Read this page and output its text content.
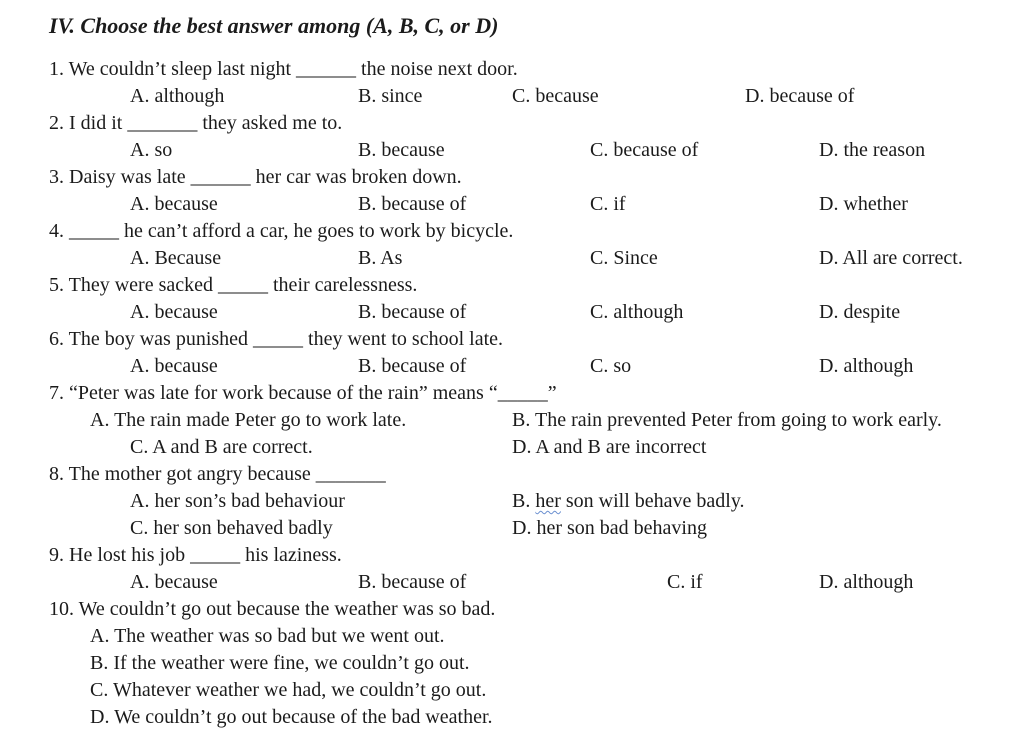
IV. Choose the best answer among (A, B, C, or D)
1. We couldn’t sleep last night ______ the noise next door.
A. although	B. since	C. because	D. because of
2. I did it _______ they asked me to.
A. so	B. because	C. because of	D. the reason
3. Daisy was late ______ her car was broken down.
A. because	B. because of	C. if	D. whether
4. _____ he can’t afford a car, he goes to work by bicycle.
A. Because	B. As	C. Since	D. All are correct.
5. They were sacked _____ their carelessness.
A. because	B. because of	C. although	D. despite
6. The boy was punished _____ they went to school late.
A. because	B. because of	C. so	D. although
7. “Peter was late for work because of the rain” means “_____”
A. The rain made Peter go to work late.	B. The rain prevented Peter from going to work early.
C. A and B are correct.	D. A and B are incorrect
8. The mother got angry because _______
A. her son’s bad behaviour	B. her son will behave badly.
C. her son behaved badly	D. her son bad behaving
9. He lost his job _____ his laziness.
A. because	B. because of	C. if	D. although
10. We couldn’t go out because the weather was so bad.
A. The weather was so bad but we went out.
B. If the weather were fine, we couldn’t go out.
C. Whatever weather we had, we couldn’t go out.
D. We couldn’t go out because of the bad weather.
